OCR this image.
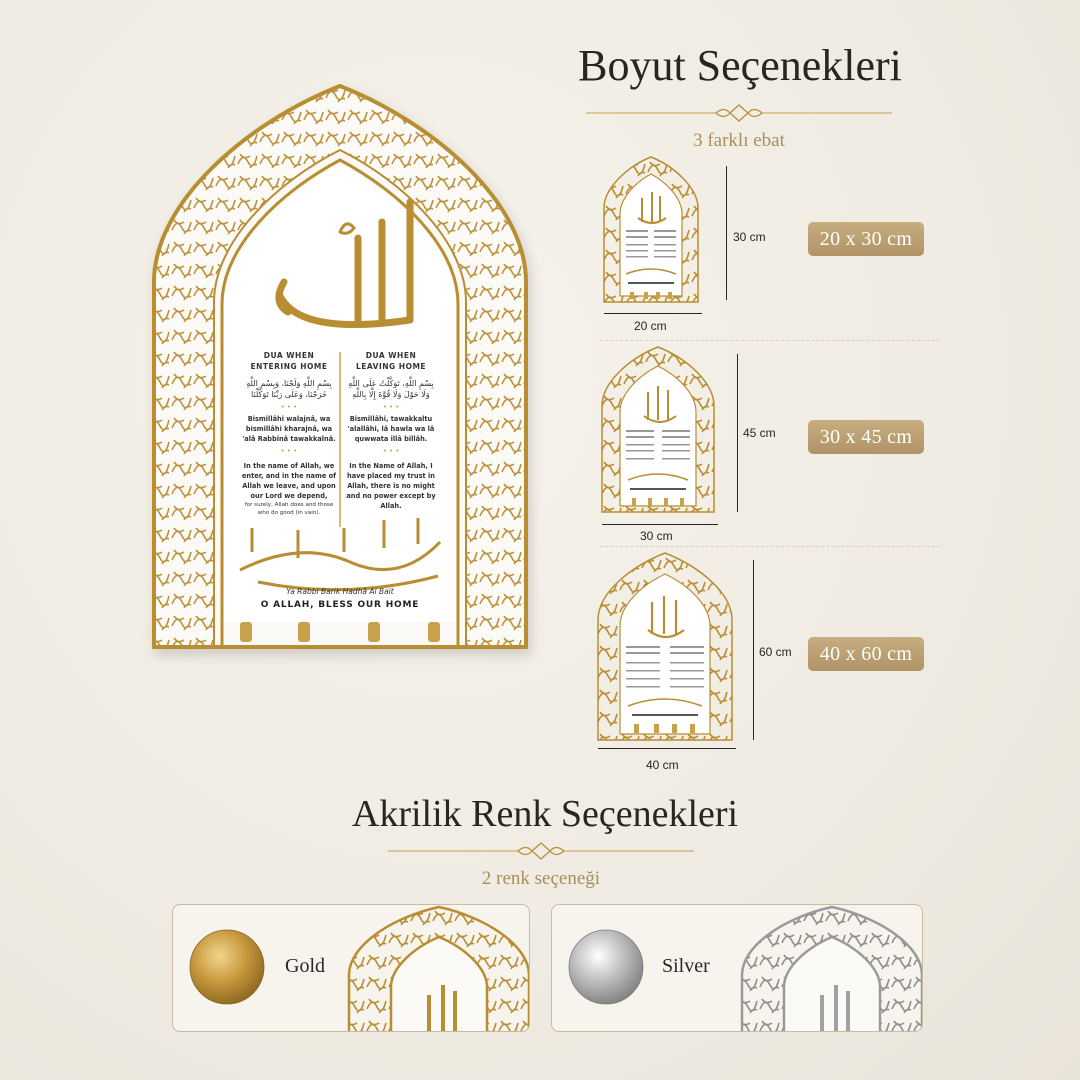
DUA WHEN
ENTERING HOME
بِسْمِ اللَّهِ وَلَجْنَا، وَبِسْمِ اللَّهِ
خَرَجْنَا، وَعَلَى رَبِّنَا تَوَكَّلْنَا
• • •
Bismillâhi walajnâ, wa bismillâhi kharajnâ, wa 'alâ Rabbinâ tawakkalnâ.
• • •
In the name of Allah, we enter, and in the name of Allah we leave, and upon our Lord we depend,
for surely, Allah does and those who do good (in vain).
DUA WHEN
LEAVING HOME
بِسْمِ اللَّهِ، تَوَكَّلْتُ عَلَى اللَّهِ
وَلَا حَوْلَ وَلَا قُوَّةَ إِلَّا بِاللَّهِ
• • •
Bismillâhi, tawakkaltu 'alallâhi, lâ hawla wa lâ quwwata illâ billâh.
• • •
In the Name of Allah, I have placed my trust in Allah, there is no might and no power except by Allah.
Ya Rabbi Barik Hadhâ Al Bait
O ALLAH, BLESS OUR HOME
Boyut Seçenekleri
3 farklı ebat
30 cm
20 cm
20 x 30 cm
45 cm
30 cm
30 x 45 cm
60 cm
40 cm
40 x 60 cm
Akrilik Renk Seçenekleri
2 renk seçeneği
Gold	Silver
